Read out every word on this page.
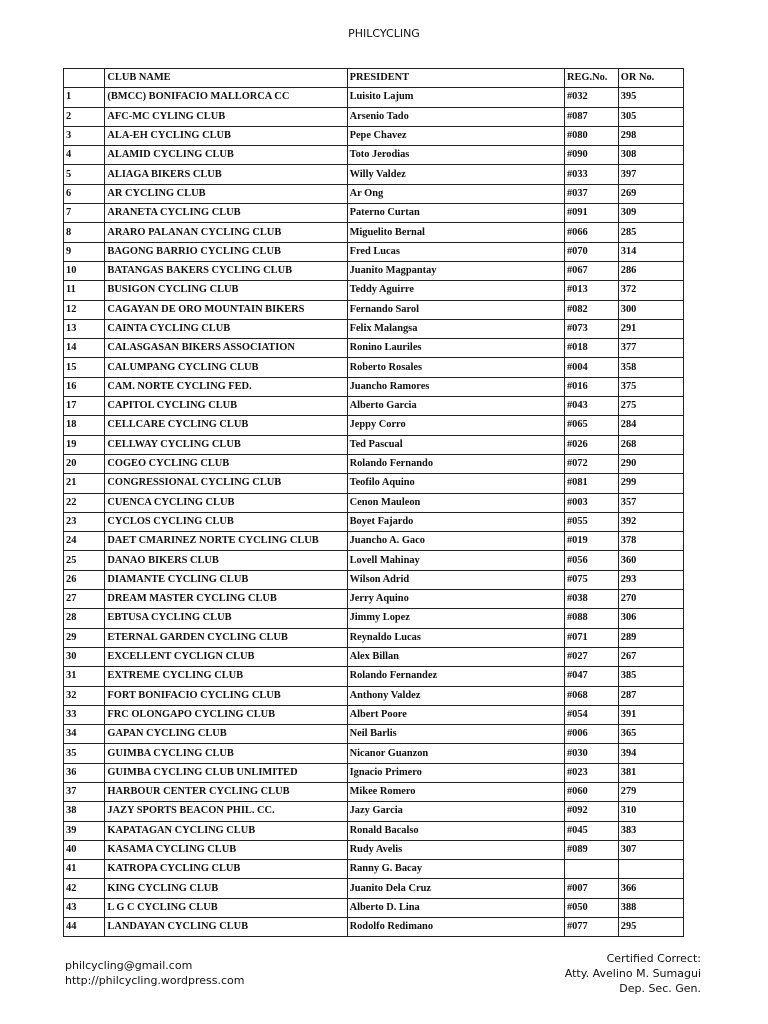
PHILCYCLING
	CLUB NAME	PRESIDENT	REG.No.	OR No.
1	(BMCC) BONIFACIO MALLORCA CC	Luisito Lajum	#032	395
2	AFC-MC CYLING CLUB	Arsenio Tado	#087	305
3	ALA-EH CYCLING CLUB	Pepe Chavez	#080	298
4	ALAMID CYCLING CLUB	Toto Jerodias	#090	308
5	ALIAGA BIKERS CLUB	Willy Valdez	#033	397
6	AR CYCLING CLUB	Ar Ong	#037	269
7	ARANETA CYCLING CLUB	Paterno Curtan	#091	309
8	ARARO PALANAN CYCLING CLUB	Miguelito Bernal	#066	285
9	BAGONG BARRIO CYCLING CLUB	Fred Lucas	#070	314
10	BATANGAS BAKERS CYCLING CLUB	Juanito Magpantay	#067	286
11	BUSIGON CYCLING CLUB	Teddy Aguirre	#013	372
12	CAGAYAN DE ORO MOUNTAIN BIKERS	Fernando Sarol	#082	300
13	CAINTA CYCLING CLUB	Felix Malangsa	#073	291
14	CALASGASAN BIKERS ASSOCIATION	Ronino Lauriles	#018	377
15	CALUMPANG CYCLING CLUB	Roberto Rosales	#004	358
16	CAM. NORTE CYCLING FED.	Juancho Ramores	#016	375
17	CAPITOL CYCLING CLUB	Alberto Garcia	#043	275
18	CELLCARE CYCLING CLUB	Jeppy Corro	#065	284
19	CELLWAY CYCLING CLUB	Ted Pascual	#026	268
20	COGEO CYCLING CLUB	Rolando Fernando	#072	290
21	CONGRESSIONAL CYCLING CLUB	Teofilo Aquino	#081	299
22	CUENCA CYCLING CLUB	Cenon Mauleon	#003	357
23	CYCLOS CYCLING CLUB	Boyet Fajardo	#055	392
24	DAET CMARINEZ NORTE CYCLING CLUB	Juancho A. Gaco	#019	378
25	DANAO BIKERS CLUB	Lovell Mahinay	#056	360
26	DIAMANTE CYCLING CLUB	Wilson Adrid	#075	293
27	DREAM MASTER CYCLING CLUB	Jerry Aquino	#038	270
28	EBTUSA CYCLING CLUB	Jimmy Lopez	#088	306
29	ETERNAL GARDEN CYCLING CLUB	Reynaldo Lucas	#071	289
30	EXCELLENT CYCLIGN CLUB	Alex Billan	#027	267
31	EXTREME CYCLING CLUB	Rolando Fernandez	#047	385
32	FORT BONIFACIO CYCLING CLUB	Anthony Valdez	#068	287
33	FRC OLONGAPO CYCLING CLUB	Albert Poore	#054	391
34	GAPAN CYCLING CLUB	Neil Barlis	#006	365
35	GUIMBA CYCLING CLUB	Nicanor Guanzon	#030	394
36	GUIMBA CYCLING CLUB UNLIMITED	Ignacio Primero	#023	381
37	HARBOUR CENTER CYCLING CLUB	Mikee Romero	#060	279
38	JAZY SPORTS BEACON PHIL. CC.	Jazy Garcia	#092	310
39	KAPATAGAN CYCLING CLUB	Ronald Bacalso	#045	383
40	KASAMA CYCLING CLUB	Rudy Avelis	#089	307
41	KATROPA CYCLING CLUB	Ranny G. Bacay		
42	KING CYCLING CLUB	Juanito Dela Cruz	#007	366
43	L G C CYCLING CLUB	Alberto D. Lina	#050	388
44	LANDAYAN CYCLING CLUB	Rodolfo Redimano	#077	295
philcycling@gmail.com
http://philcycling.wordpress.com
Certified Correct:
Atty. Avelino M. Sumagui
Dep. Sec. Gen.
